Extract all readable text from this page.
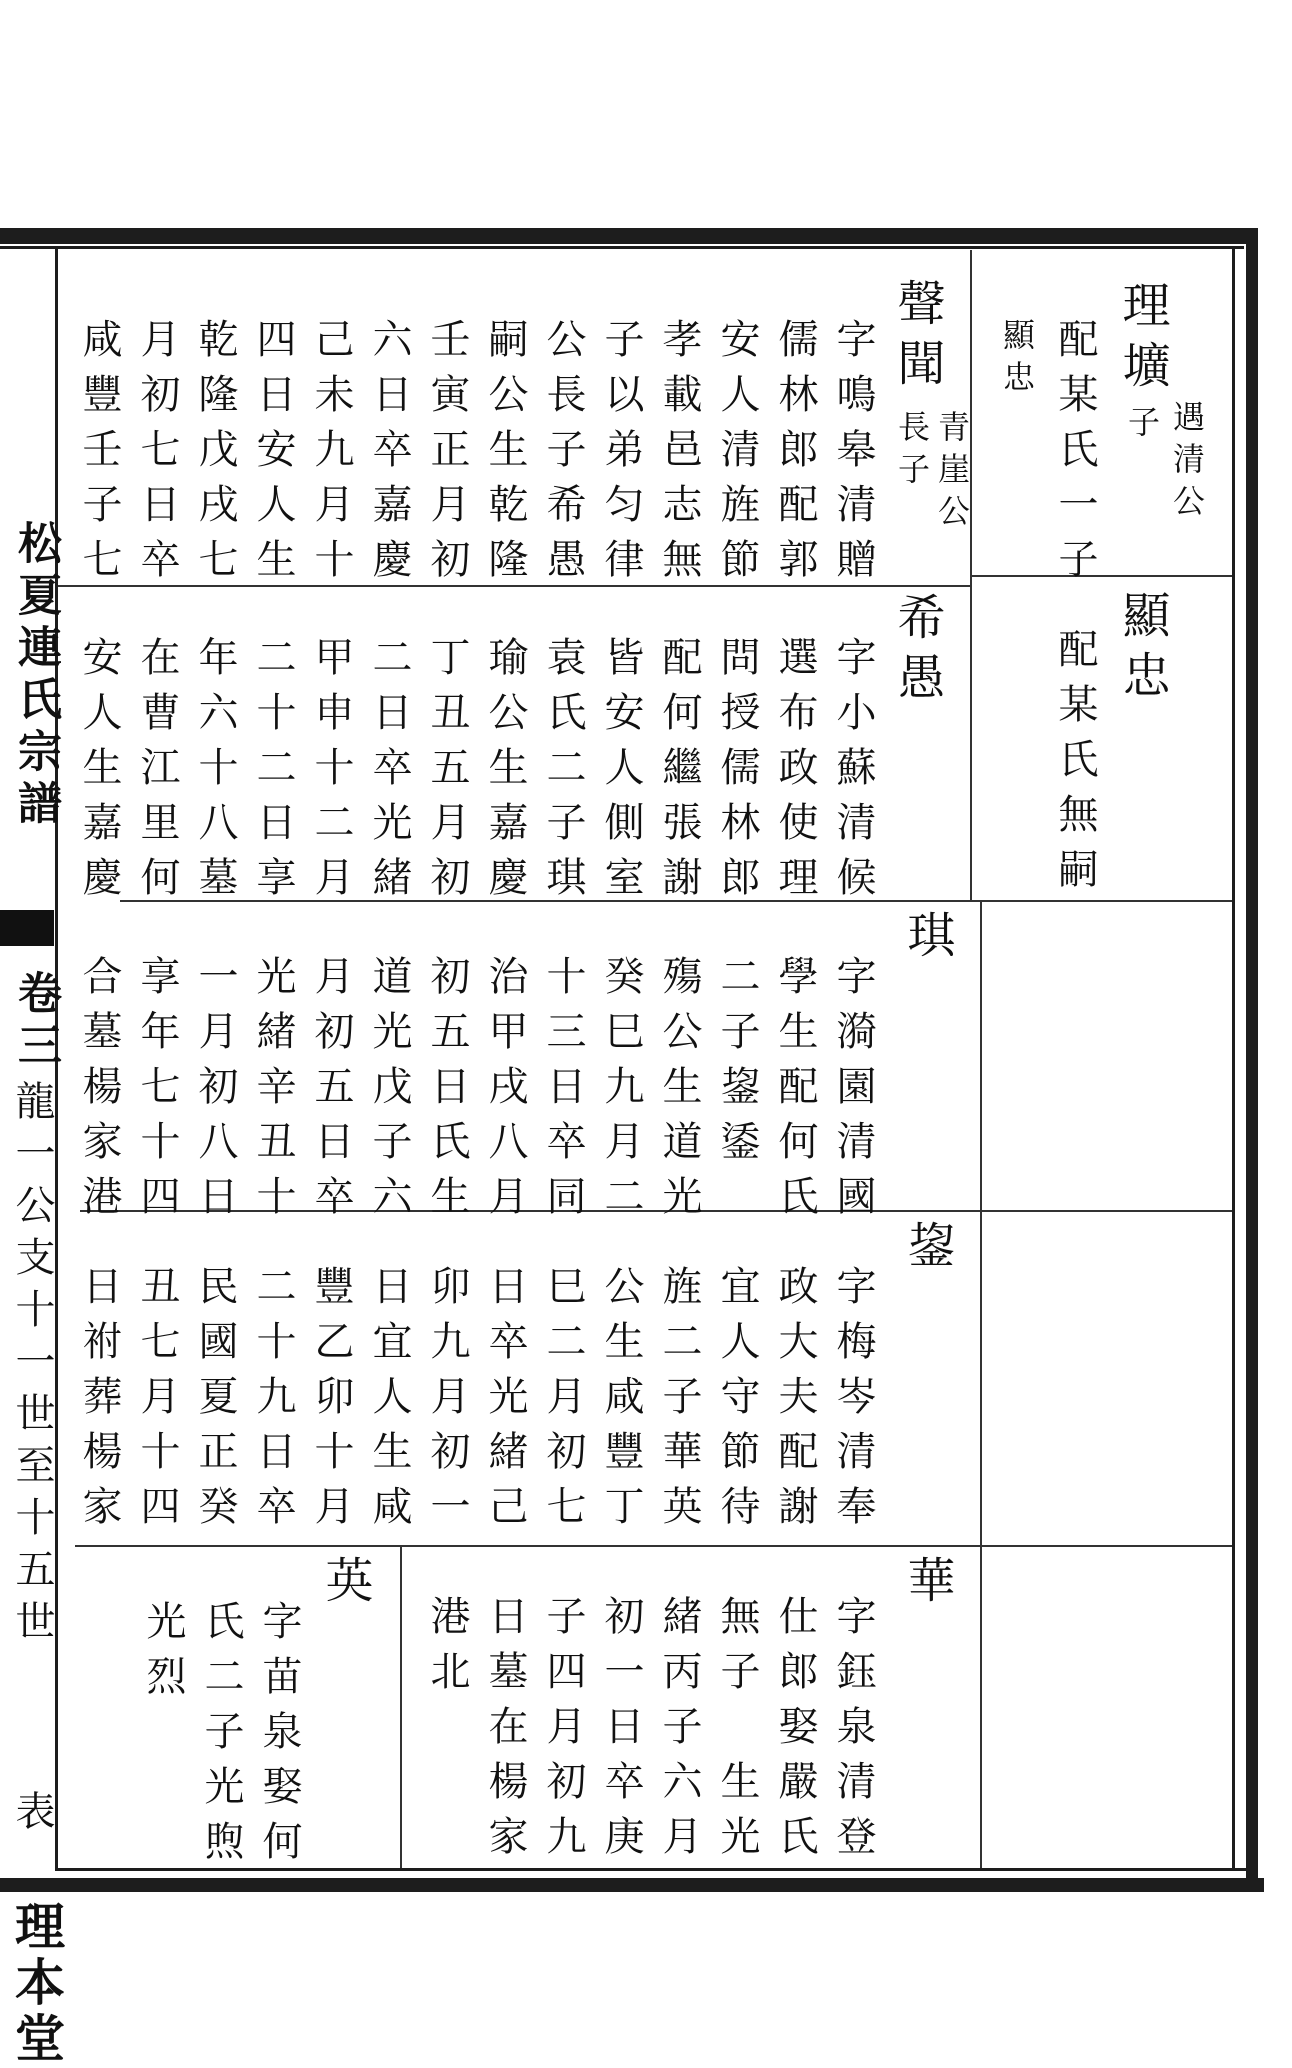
松夏連氏宗譜
卷三
龍一公支十一世至十五世
表
理本堂
理壙
子 遇清公
配某氏一子
顯忠
顯忠
配某氏無嗣
聲聞
青崖公
長子
字鳴皋清贈
儒林郎配郭
安人清旌節
孝載邑志無
子以弟匀律
公長子希愚
嗣公生乾隆
壬寅正月初
六日卒嘉慶
己未九月十
四日安人生
乾隆戊戌七
月初七日卒
咸豐壬子七
希愚
字小蘇清候
選布政使理
問授儒林郎
配何繼張謝
皆安人側室
袁氏二子琪
瑜公生嘉慶
丁丑五月初
二日卒光緒
甲申十二月
二十二日享
年六十八墓
在曹江里何
安人生嘉慶
琪
字漪園清國
學生配何氏
二子鋆鋈
殤公生道光
癸巳九月二
十三日卒同
治甲戌八月
初五日氏生
道光戊子六
月初五日卒
光緒辛丑十
一月初八日
享年七十四
合墓楊家港
鋆
字梅岑清奉
政大夫配謝
宜人守節待
旌二子華英
公生咸豐丁
巳二月初七
日卒光緒己
卯九月初一
日宜人生咸
豐乙卯十月
二十九日卒
民國夏正癸
丑七月十四
日祔葬楊家
華
字鈺泉清登
仕郎娶嚴氏
無子　生光
緒丙子六月
初一日卒庚
子四月初九
日墓在楊家
港北
英
字苗泉娶何
氏二子光煦
光烈
